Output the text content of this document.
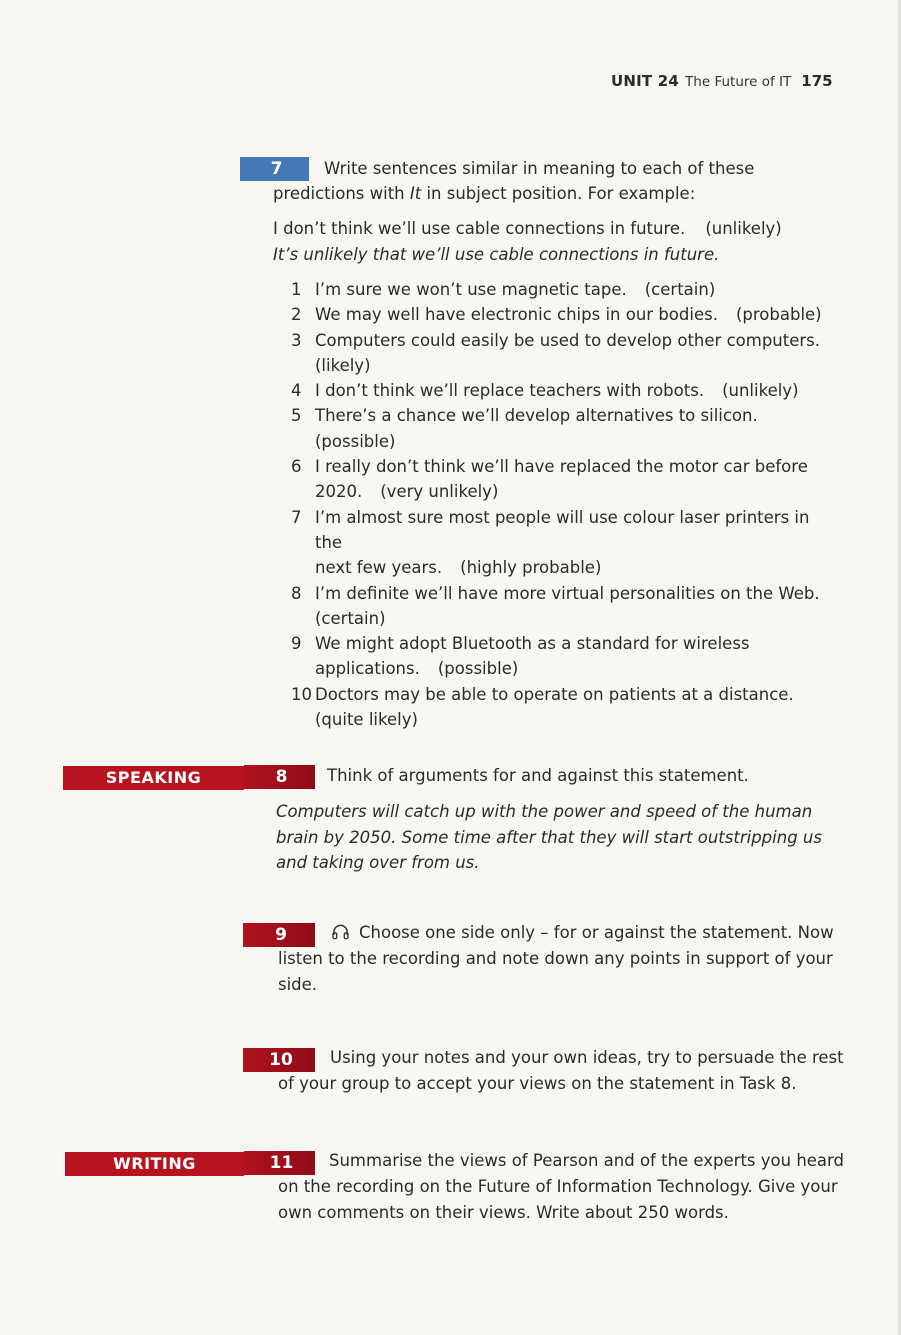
UNIT 24 The Future of IT 175
7	Write sentences similar in meaning to each of these
predictions with It in subject position. For example:
I don’t think we’ll use cable connections in future. (unlikely)
It’s unlikely that we’ll use cable connections in future.
1 I’m sure we won’t use magnetic tape. (certain)
2 We may well have electronic chips in our bodies. (probable)
3 Computers could easily be used to develop other computers.
(likely)
4 I don’t think we’ll replace teachers with robots. (unlikely)
5 There’s a chance we’ll develop alternatives to silicon.
(possible)
6 I really don’t think we’ll have replaced the motor car before
2020. (very unlikely)
7 I’m almost sure most people will use colour laser printers in the
next few years. (highly probable)
8 I’m definite we’ll have more virtual personalities on the Web.
(certain)
9 We might adopt Bluetooth as a standard for wireless
applications. (possible)
10 Doctors may be able to operate on patients at a distance.
(quite likely)
SPEAKING	8	Think of arguments for and against this statement.
Computers will catch up with the power and speed of the human
brain by 2050. Some time after that they will start outstripping us
and taking over from us.
9	Choose one side only – for or against the statement. Now
listen to the recording and note down any points in support of your
side.
10	Using your notes and your own ideas, try to persuade the rest
of your group to accept your views on the statement in Task 8.
WRITING	11	Summarise the views of Pearson and of the experts you heard
on the recording on the Future of Information Technology. Give your
own comments on their views. Write about 250 words.
